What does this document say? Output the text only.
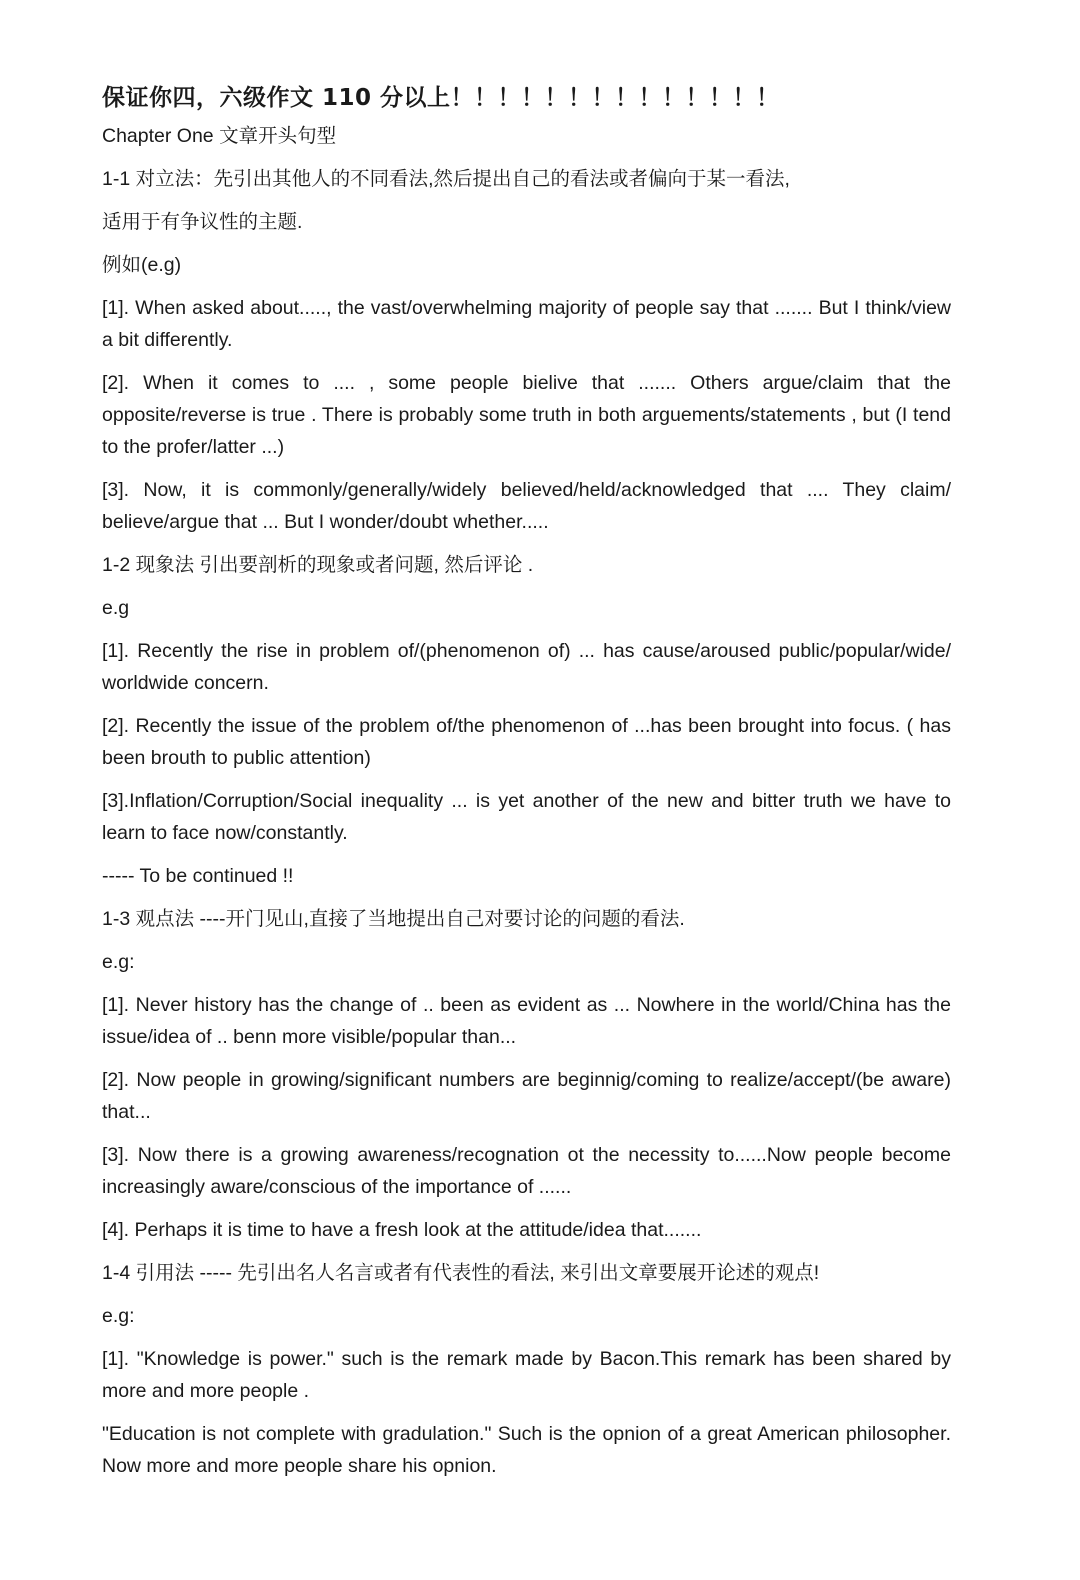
保证你四，六级作文 110 分以上！！！！！！！！！！！！！！
Chapter One 文章开头句型
1-1 对立法：先引出其他人的不同看法,然后提出自己的看法或者偏向于某一看法,
适用于有争议性的主题.
例如(e.g)
[1]. When asked about....., the vast/overwhelming majority of people say that ....... But I think/view a bit differently.
[2]. When it comes to .... , some people bielive that ....... Others argue/claim that the opposite/reverse is true . There is probably some truth in both arguements/statements , but (I tend to the profer/latter ...)
[3]. Now, it is commonly/generally/widely believed/held/acknowledged that .... They claim/ believe/argue that ... But I wonder/doubt whether.....
1-2 现象法 引出要剖析的现象或者问题, 然后评论 .
e.g
[1]. Recently the rise in problem of/(phenomenon of) ... has cause/aroused public/popular/wide/ worldwide concern.
[2]. Recently the issue of the problem of/the phenomenon of ...has been brought into focus. ( has been brouth to public attention)
[3].Inflation/Corruption/Social inequality ... is yet another of the new and bitter truth we have to learn to face now/constantly.
----- To be continued !!
1-3 观点法 ----开门见山,直接了当地提出自己对要讨论的问题的看法.
e.g:
[1]. Never history has the change of .. been as evident as ... Nowhere in the world/China has the issue/idea of .. benn more visible/popular than...
[2]. Now people in growing/significant numbers are beginnig/coming to realize/accept/(be aware) that...
[3]. Now there is a growing awareness/recognation ot the necessity to......Now people become increasingly aware/conscious of the importance of ......
[4]. Perhaps it is time to have a fresh look at the attitude/idea that.......
1-4 引用法 ----- 先引出名人名言或者有代表性的看法, 来引出文章要展开论述的观点!
e.g:
[1]. "Knowledge is power." such is the remark made by Bacon.This remark has been shared by more and more people .
"Education is not complete with gradulation." Such is the opnion of a great American philosopher. Now more and more people share his opnion.
